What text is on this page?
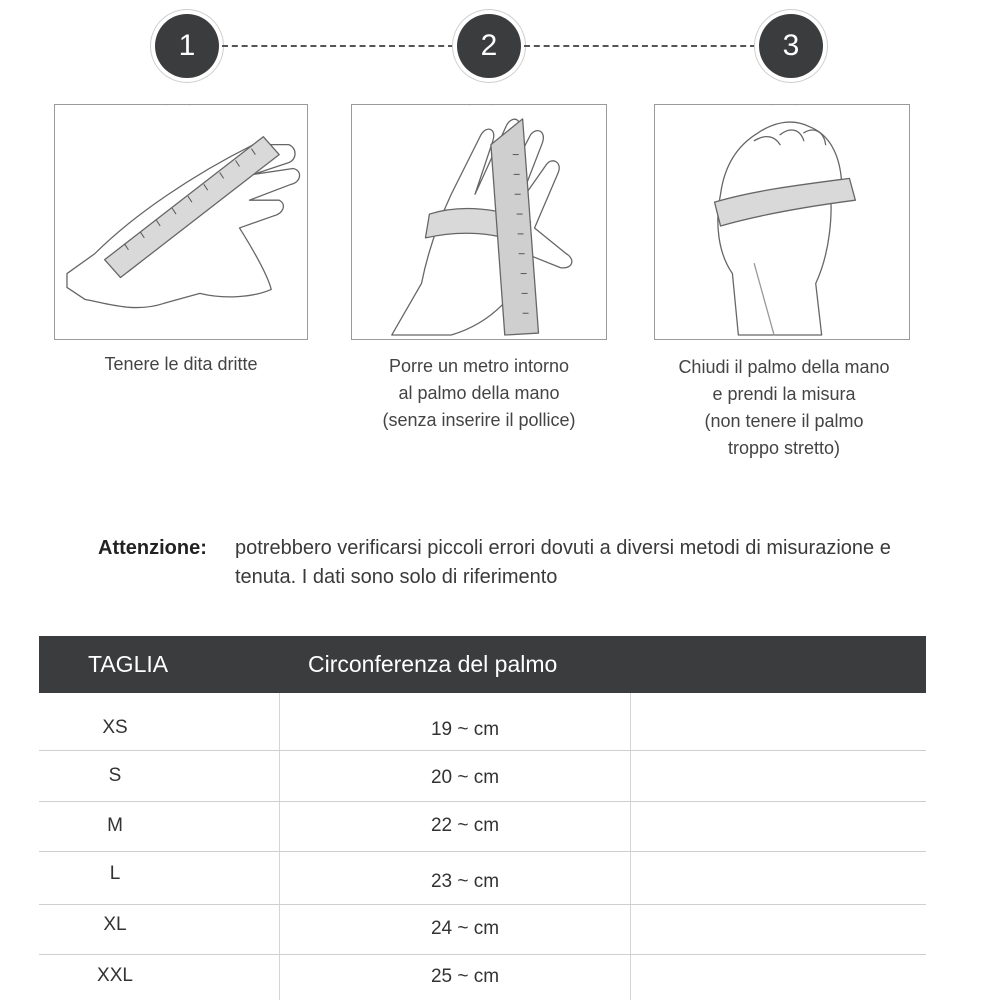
1	2	3
Tenere le dita dritte	Porre un metro intorno
al palmo della mano
(senza inserire il pollice)
Chiudi il palmo della mano
e prendi la misura
(non tenere il palmo
troppo stretto)
Attenzione: potrebbero verificarsi piccoli errori dovuti a diversi metodi di misurazione e tenuta. I dati sono solo di riferimento
TAGLIA	Circonferenza del palmo
XS	19 ~ cm
S	20 ~ cm
M	22 ~ cm
L	23 ~ cm
XL	24 ~ cm
XXL	25 ~ cm
